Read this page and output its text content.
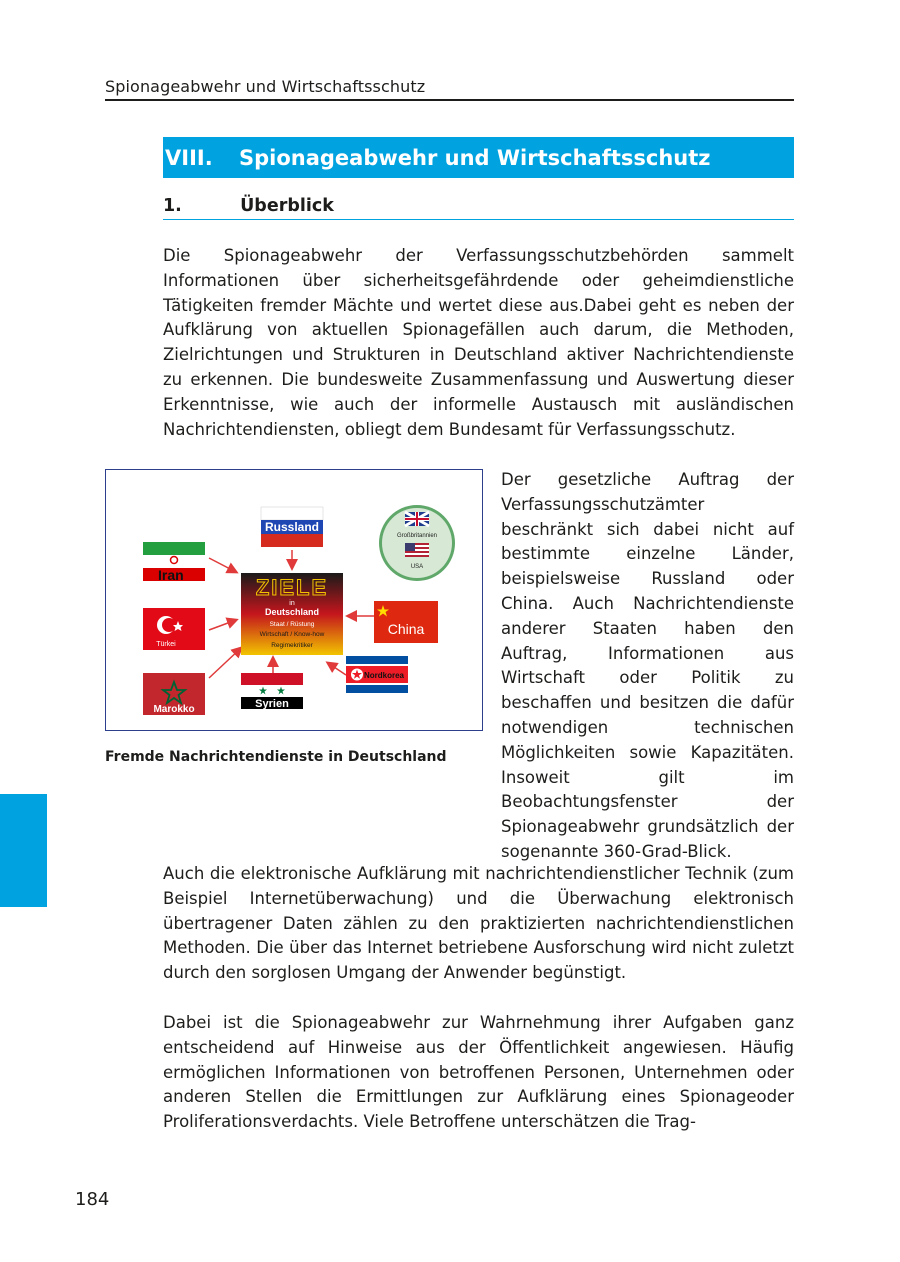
Spionageabwehr und Wirtschaftsschutz
VIII.	Spionageabwehr und Wirtschaftsschutz
1.	Überblick

Die Spionageabwehr der Verfassungsschutzbehörden sammelt Informationen über sicherheitsgefährdende oder geheimdienstliche Tätigkeiten fremder Mächte und wertet diese aus.Dabei geht es neben der Aufklärung von aktuellen Spionagefällen auch darum, die Methoden, Zielrichtungen und Strukturen in Deutschland aktiver Nachrichtendienste zu erkennen. Die bundesweite Zusammenfassung und Auswertung dieser Erkenntnisse, wie auch der informelle Austausch mit ausländischen Nachrichtendiensten, obliegt dem Bundesamt für Verfassungsschutz.

Russland
Iran
Türkei
Marokko
ZIELE
in
Deutschland
Staat / Rüstung
Wirtschaft / Know-how
Regimekritiker
Syrien
China
Nordkorea
Großbritannien
USA
Fremde Nachrichtendienste in Deutschland

Der gesetzliche Auftrag der Verfassungsschutzämter beschränkt sich dabei nicht auf bestimmte einzelne Länder, beispielsweise Russland oder China. Auch Nachrichtendienste anderer Staaten haben den Auftrag, Informationen aus Wirtschaft oder Politik zu beschaffen und besitzen die dafür notwendigen technischen Möglichkeiten sowie Kapazitäten. Insoweit gilt im Beobachtungsfenster der Spionageabwehr grundsätzlich der sogenannte 360-Grad-Blick.

Auch die elektronische Aufklärung mit nachrichtendienstlicher Technik (zum Beispiel Internetüberwachung) und die Überwachung elektronisch übertragener Daten zählen zu den praktizierten nachrichtendienstlichen Methoden. Die über das Internet betriebene Ausforschung wird nicht zuletzt durch den sorglosen Umgang der Anwender begünstigt.

Dabei ist die Spionageabwehr zur Wahrnehmung ihrer Aufgaben ganz entscheidend auf Hinweise aus der Öffentlichkeit angewiesen. Häufig ermöglichen Informationen von betroffenen Personen, Unternehmen oder anderen Stellen die Ermittlungen zur Aufklärung eines Spionageoder Proliferationsverdachts. Viele Betroffene unterschätzen die Trag-

184
